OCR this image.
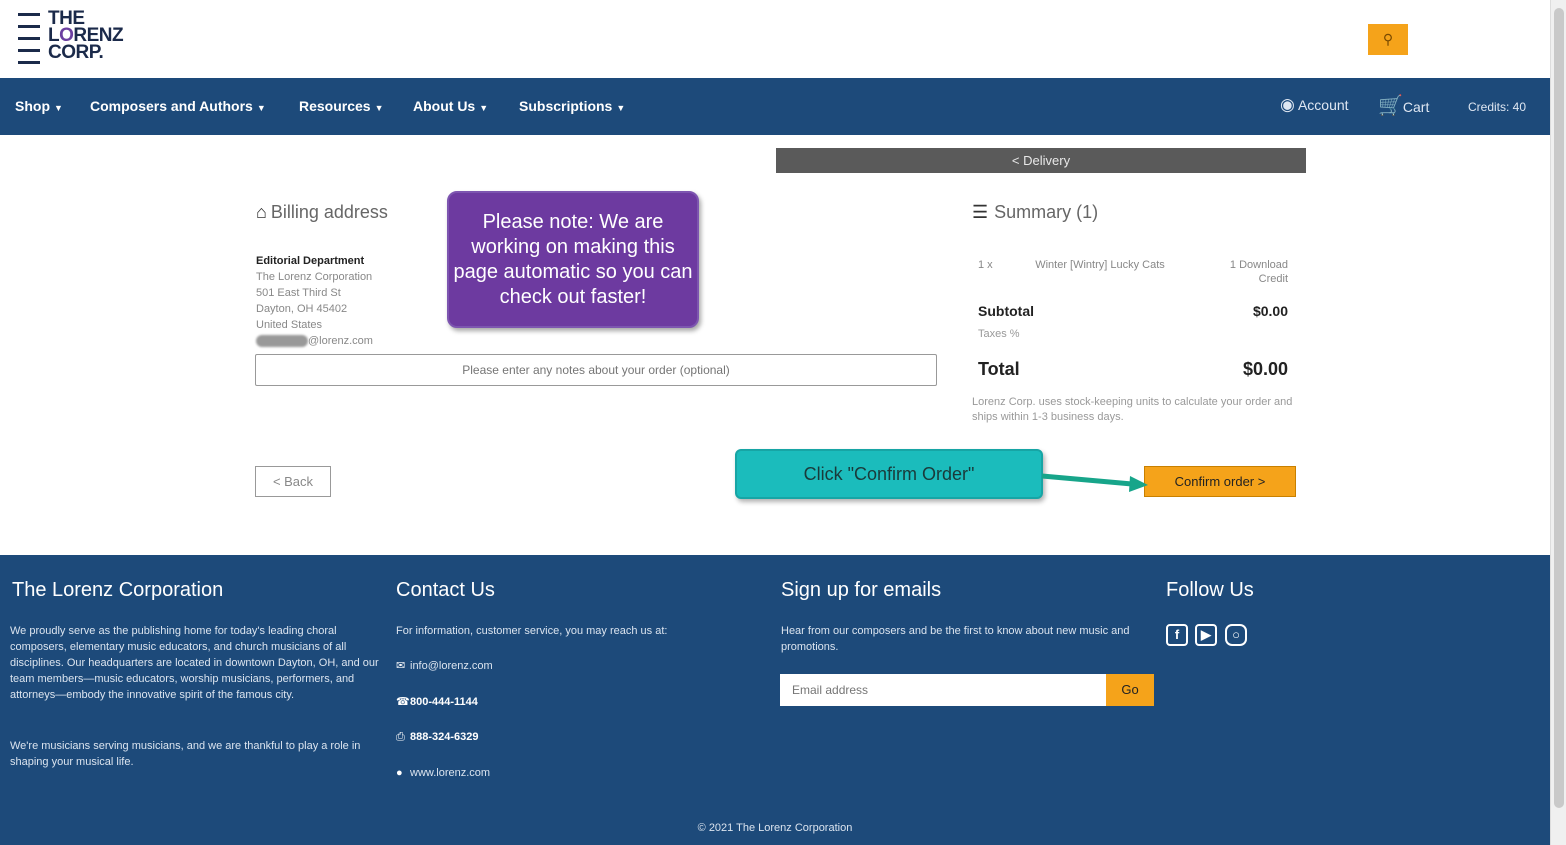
THE
LORENZ
CORP.
⚲
Shop ▼ Composers and Authors ▼ Resources ▼ About Us ▼ Subscriptions ▼	◉ Account 🛒Cart	Credits: 40
< Delivery
⌂ Billing address
Editorial Department
The Lorenz Corporation
501 East Third St
Dayton, OH 45402
United States
@lorenz.com
Please enter any notes about your order (optional)
Please note: We are working on making this page automatic so you can check out faster!
☰ Summary (1)
1 x	Winter [Wintry] Lucky Cats	1 Download Credit
Subtotal	$0.00
Taxes %
Total	$0.00
Lorenz Corp. uses stock-keeping units to calculate your order and ships within 1-3 business days.
< Back	Confirm order >
Click "Confirm Order"
The Lorenz Corporation
We proudly serve as the publishing home for today's leading choral composers, elementary music educators, and church musicians of all disciplines. Our headquarters are located in downtown Dayton, OH, and our team members—music educators, worship musicians, performers, and attorneys—embody the innovative spirit of the famous city.
We're musicians serving musicians, and we are thankful to play a role in shaping your musical life.
Contact Us
For information, customer service, you may reach us at:
✉ info@lorenz.com
☎800-444-1144
⎙ 888-324-6329
● www.lorenz.com
Sign up for emails
Hear from our composers and be the first to know about new music and promotions.
Email address
Go
Follow Us
f	▶	○
© 2021 The Lorenz Corporation
